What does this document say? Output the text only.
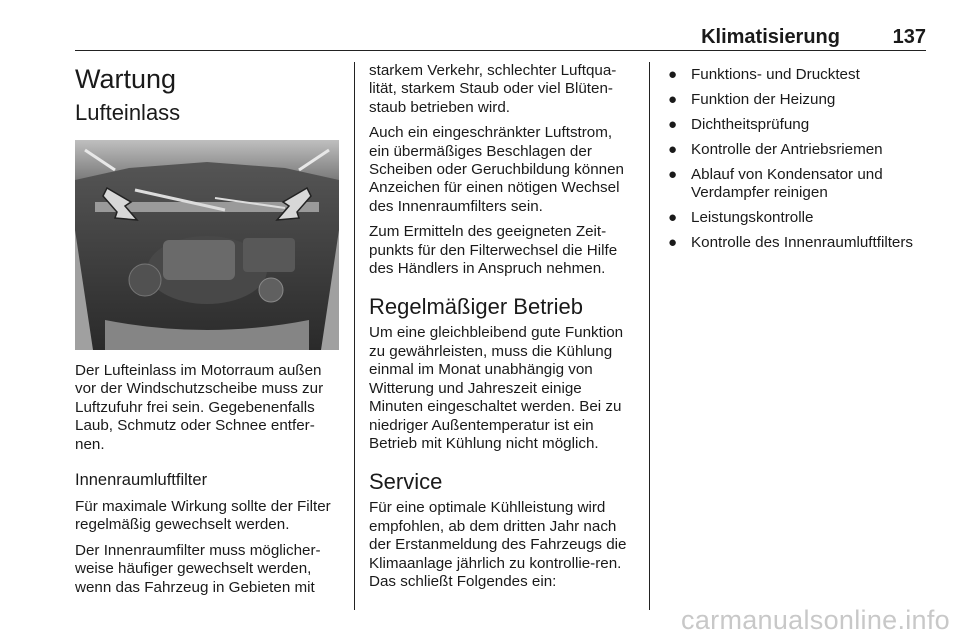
Klimatisierung	137
Wartung
Lufteinlass

Der Lufteinlass im Motorraum außen vor der Windschutzscheibe muss zur Luftzufuhr frei sein. Gegebenenfalls Laub, Schmutz oder Schnee entfer-nen.

Innenraumluftfilter

Für maximale Wirkung sollte der Filter regelmäßig gewechselt werden.

Der Innenraumfilter muss möglicher-weise häufiger gewechselt werden, wenn das Fahrzeug in Gebieten mit

starkem Verkehr, schlechter Luftqua-lität, starkem Staub oder viel Blüten-staub betrieben wird.

Auch ein eingeschränkter Luftstrom, ein übermäßiges Beschlagen der Scheiben oder Geruchbildung können Anzeichen für einen nötigen Wechsel des Innenraumfilters sein.

Zum Ermitteln des geeigneten Zeit-punkts für den Filterwechsel die Hilfe des Händlers in Anspruch nehmen.

Regelmäßiger Betrieb

Um eine gleichbleibend gute Funktion zu gewährleisten, muss die Kühlung einmal im Monat unabhängig von Witterung und Jahreszeit einige Minuten eingeschaltet werden. Bei zu niedriger Außentemperatur ist ein Betrieb mit Kühlung nicht möglich.

Service

Für eine optimale Kühlleistung wird empfohlen, ab dem dritten Jahr nach der Erstanmeldung des Fahrzeugs die Klimaanlage jährlich zu kontrollie-ren. Das schließt Folgendes ein:

● Funktions- und Drucktest
● Funktion der Heizung
● Dichtheitsprüfung
● Kontrolle der Antriebsriemen
● Ablauf von Kondensator und Verdampfer reinigen
● Leistungskontrolle
● Kontrolle des Innenraumluftfilters
carmanualsonline.info
